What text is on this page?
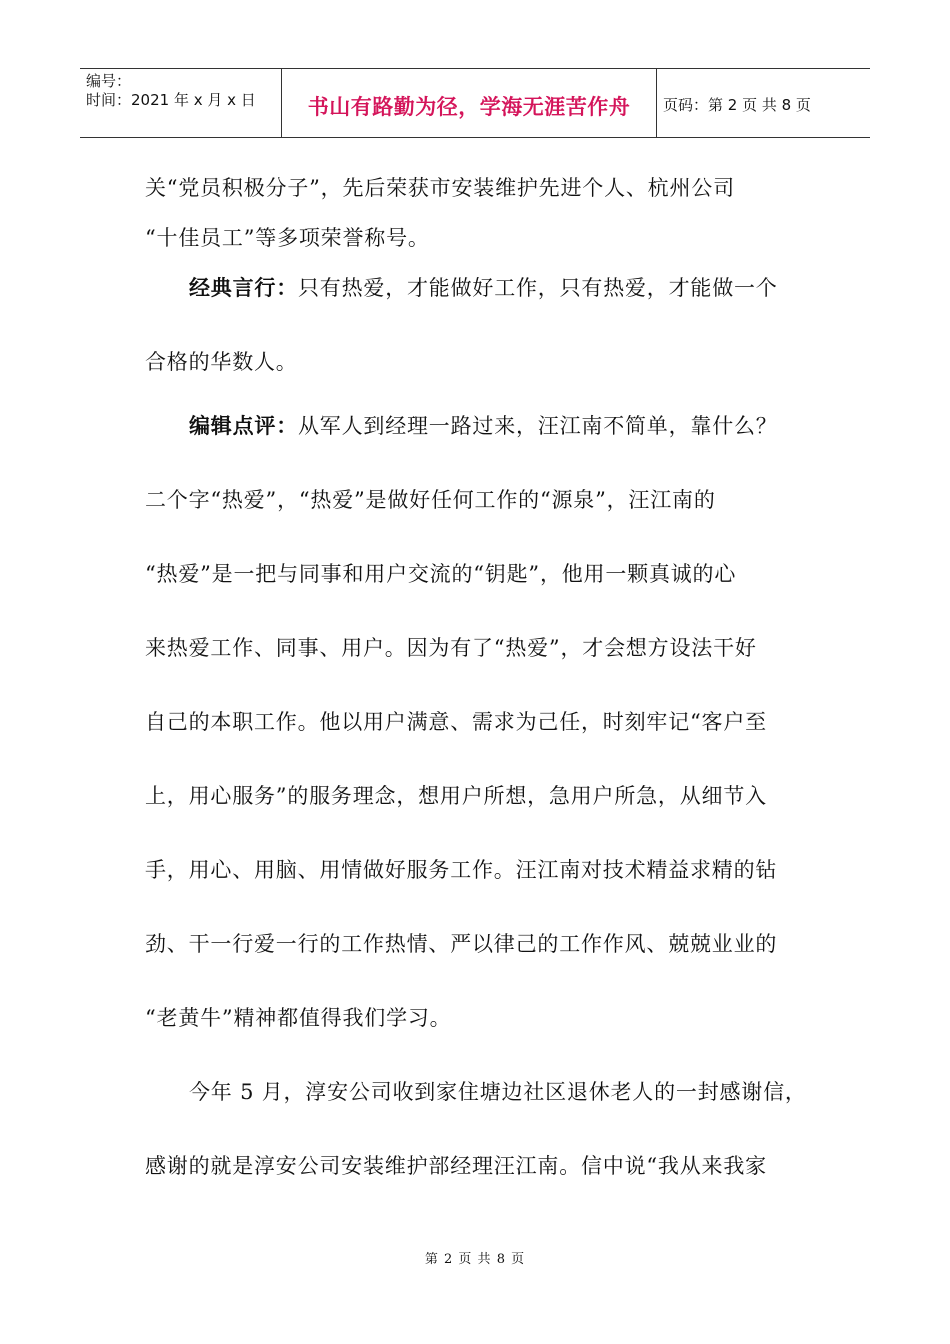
编号：
时间：2021 年 x 月 x 日	书山有路勤为径，学海无涯苦作舟 页码：第 2 页 共 8 页
关“党员积极分子”，先后荣获市安装维护先进个人、杭州公司
“十佳员工”等多项荣誉称号。
经典言行：只有热爱，才能做好工作，只有热爱，才能做一个
合格的华数人。
编辑点评：从军人到经理一路过来，汪江南不简单，靠什么？
二个字“热爱”，“热爱”是做好任何工作的“源泉”，汪江南的
“热爱”是一把与同事和用户交流的“钥匙”，他用一颗真诚的心
来热爱工作、同事、用户。因为有了“热爱”，才会想方设法干好
自己的本职工作。他以用户满意、需求为己任，时刻牢记“客户至
上，用心服务”的服务理念，想用户所想，急用户所急，从细节入
手，用心、用脑、用情做好服务工作。汪江南对技术精益求精的钻
劲、干一行爱一行的工作热情、严以律己的工作作风、兢兢业业的
“老黄牛”精神都值得我们学习。
今年 5 月，淳安公司收到家住塘边社区退休老人的一封感谢信，
感谢的就是淳安公司安装维护部经理汪江南。信中说“我从来我家
第 2 页 共 8 页
